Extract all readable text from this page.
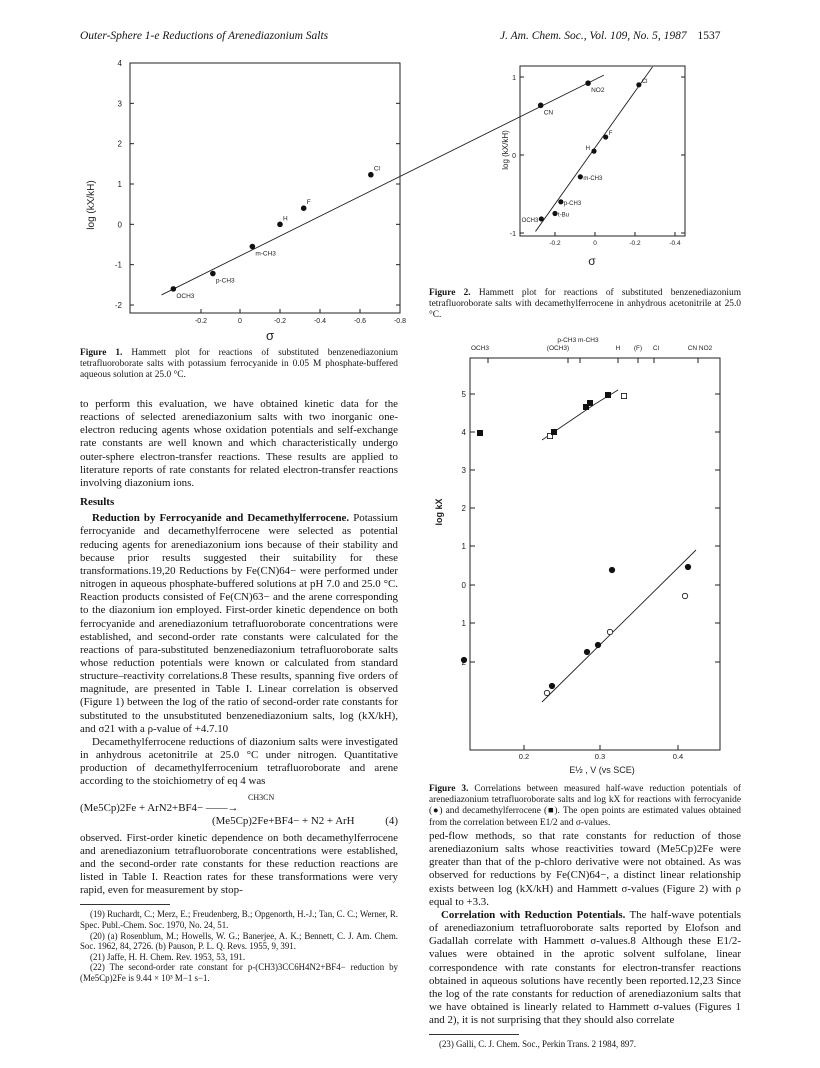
Outer-Sphere 1-e Reductions of Arenediazonium Salts	J. Am. Chem. Soc., Vol. 109, No. 5, 1987 1537
4
3
2
1
0
-1
-2
-0.2	0	-0.2	-0.4	-0.6	-0.8
log (kX/kH)
σ
OCH3
p-CH3
m-CH3
H
F
Cl
CN
NO2
Figure 1. Hammett plot for reactions of substituted benzenediazonium tetrafluoroborate salts with potassium ferrocyanide in 0.05 M phosphate-buffered aqueous solution at 25.0 °C.
1
0
-1
-0.2	0	-0.2	-0.4
log (kX/kH)
σ
OCH3
t-Bu
p-CH3
m-CH3
H
F
Cl
Figure 2. Hammett plot for reactions of substituted benzenediazonium tetrafluoroborate salts with decamethylferrocene in anhydrous acetonitrile at 25.0 °C.
5
4
3
2
1
0
1
0.2	0.3	0.4
OCH3
p-CH3 m-CH3
(OCH3)	H (F) Cl	CN NO2
log kX
E½ , V (vs SCE)
Figure 3. Correlations between measured half-wave reduction potentials of arenediazonium tetrafluoroborate salts and log kX for reactions with ferrocyanide (●) and decamethylferrocene (■). The open points are estimated values obtained from the correlation between E1/2 and σ-values.

to perform this evaluation, we have obtained kinetic data for the reactions of selected arenediazonium salts with two inorganic one-electron reducing agents whose oxidation potentials and self-exchange rate constants are well known and which characteristically undergo outer-sphere electron-transfer reactions. These results are applied to literature reports of rate constants for related electron-transfer reactions involving diazonium ions.

Results

Reduction by Ferrocyanide and Decamethylferrocene. Potassium ferrocyanide and decamethylferrocene were selected as potential reducing agents for arenediazonium ions because of their stability and because prior results suggested their suitability for these transformations.19,20 Reductions by Fe(CN)64− were performed under nitrogen in aqueous phosphate-buffered solutions at pH 7.0 and 25.0 °C. Reaction products consisted of Fe(CN)63− and the arene corresponding to the diazonium ion employed. First-order kinetic dependence on both ferrocyanide and arenediazonium tetrafluoroborate concentrations were established, and second-order rate constants were calculated for the reactions of para-substituted benzenediazonium tetrafluoroborate salts whose reduction potentials were known or calculated from standard structure–reactivity correlations.8 These results, spanning five orders of magnitude, are presented in Table I. Linear correlation is observed (Figure 1) between the log of the ratio of second-order rate constants for substituted to the unsubstituted benzenediazonium salts, log (kX/kH), and σ21 with a ρ-value of +4.7.10

Decamethylferrocene reductions of diazonium salts were investigated in anhydrous acetonitrile at 25.0 °C under nitrogen. Quantitative production of decamethylferrocenium tetrafluoroborate and arene according to the stoichiometry of eq 4 was

CH3CN
(Me5Cp)2Fe + ArN2+BF4− ——→
(Me5Cp)2Fe+BF4− + N2 + ArH	(4)

observed. First-order kinetic dependence on both decamethylferrocene and arenediazonium tetrafluoroborate concentrations were established, and the second-order rate constants for these reduction reactions are listed in Table I. Reaction rates for these transformations were very rapid, even for measurement by stop-

(19) Ruchardt, C.; Merz, E.; Freudenberg, B.; Opgenorth, H.-J.; Tan, C. C.; Werner, R. Spec. Publ.-Chem. Soc. 1970, No. 24, 51.

(20) (a) Rosenblum, M.; Howells, W. G.; Banerjee, A. K.; Bennett, C. J. Am. Chem. Soc. 1962, 84, 2726. (b) Pauson, P. L. Q. Revs. 1955, 9, 391.

(21) Jaffe, H. H. Chem. Rev. 1953, 53, 191.

(22) The second-order rate constant for p-(CH3)3CC6H4N2+BF4− reduction by (Me5Cp)2Fe is 9.44 × 10³ M−1 s−1.

ped-flow methods, so that rate constants for reduction of those arenediazonium salts whose reactivities toward (Me5Cp)2Fe were greater than that of the p-chloro derivative were not obtained. As was observed for reductions by Fe(CN)64−, a distinct linear relationship exists between log (kX/kH) and Hammett σ-values (Figure 2) with ρ equal to +3.3.

Correlation with Reduction Potentials. The half-wave potentials of arenediazonium tetrafluoroborate salts reported by Elofson and Gadallah correlate with Hammett σ-values.8 Although these E1/2-values were obtained in the aprotic solvent sulfolane, linear correspondence with rate constants for electron-transfer reactions obtained in aqueous solutions have recently been reported.12,23 Since the log of the rate constants for reduction of arenediazonium salts that we have obtained is linearly related to Hammett σ-values (Figures 1 and 2), it is not surprising that they should also correlate

(23) Galli, C. J. Chem. Soc., Perkin Trans. 2 1984, 897.
